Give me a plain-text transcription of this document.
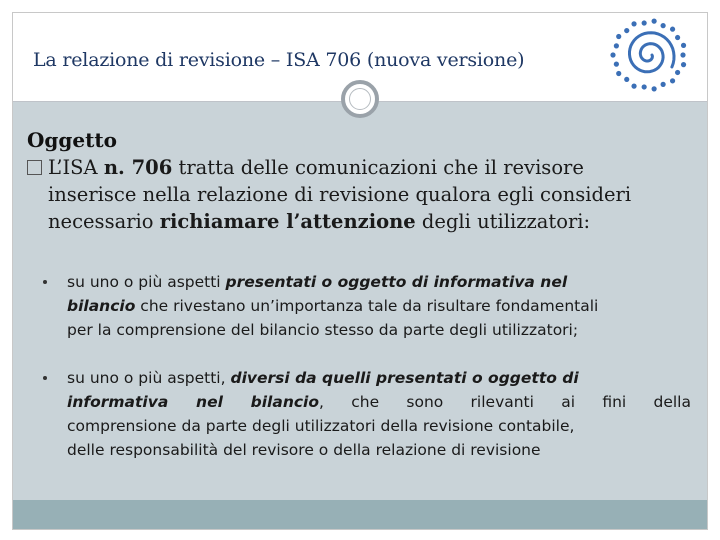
La relazione di revisione – ISA 706 (nuova versione)
Oggetto
L’ISA n. 706 tratta delle comunicazioni che il revisore
inserisce nella relazione di revisione qualora egli consideri
necessario richiamare l’attenzione degli utilizzatori:
su uno o più aspetti presentati o oggetto di informativa nel
bilancio che rivestano un’importanza tale da risultare fondamentali
per la comprensione del bilancio stesso da parte degli utilizzatori;
su uno o più aspetti, diversi da quelli presentati o oggetto di
informativa nel bilancio, che sono rilevanti ai fini della
comprensione da parte degli utilizzatori della revisione contabile,
delle responsabilità del revisore o della relazione di revisione
